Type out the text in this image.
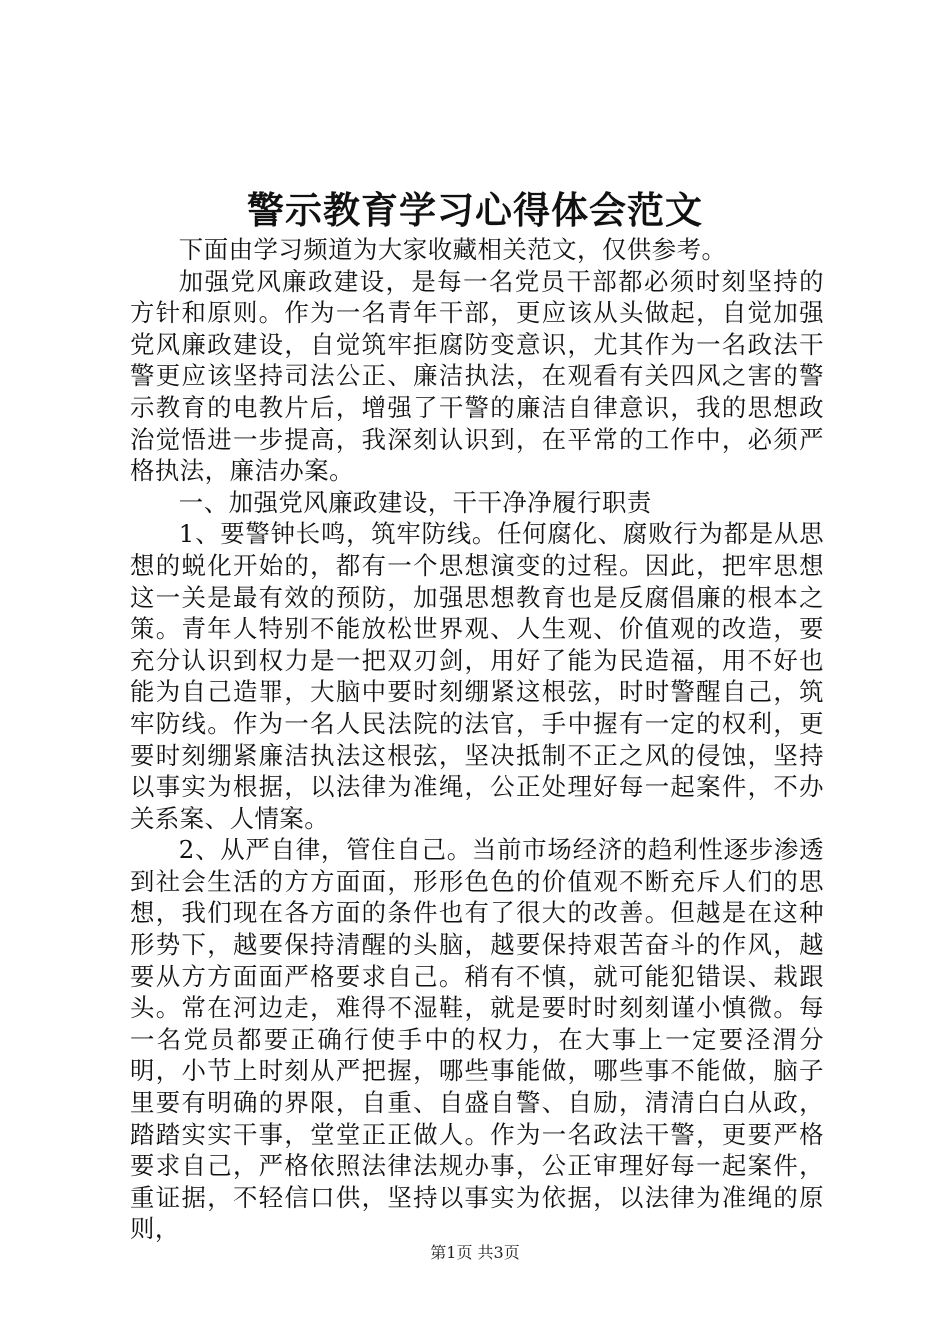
警示教育学习心得体会范文

下面由学习频道为大家收藏相关范文，仅供参考。

加强党风廉政建设，是每一名党员干部都必须时刻坚持的方针和原则。作为一名青年干部，更应该从头做起，自觉加强党风廉政建设，自觉筑牢拒腐防变意识，尤其作为一名政法干警更应该坚持司法公正、廉洁执法，在观看有关四风之害的警示教育的电教片后，增强了干警的廉洁自律意识，我的思想政治觉悟进一步提高，我深刻认识到，在平常的工作中，必须严格执法，廉洁办案。

一、加强党风廉政建设，干干净净履行职责

1、要警钟长鸣，筑牢防线。任何腐化、腐败行为都是从思想的蜕化开始的，都有一个思想演变的过程。因此，把牢思想这一关是最有效的预防，加强思想教育也是反腐倡廉的根本之策。青年人特别不能放松世界观、人生观、价值观的改造，要充分认识到权力是一把双刃剑，用好了能为民造福，用不好也能为自己造罪，大脑中要时刻绷紧这根弦，时时警醒自己，筑牢防线。作为一名人民法院的法官，手中握有一定的权利，更要时刻绷紧廉洁执法这根弦，坚决抵制不正之风的侵蚀，坚持以事实为根据，以法律为准绳，公正处理好每一起案件，不办关系案、人情案。

2、从严自律，管住自己。当前市场经济的趋利性逐步渗透到社会生活的方方面面，形形色色的价值观不断充斥人们的思想，我们现在各方面的条件也有了很大的改善。但越是在这种形势下，越要保持清醒的头脑，越要保持艰苦奋斗的作风，越要从方方面面严格要求自己。稍有不慎，就可能犯错误、栽跟头。常在河边走，难得不湿鞋，就是要时时刻刻谨小慎微。每一名党员都要正确行使手中的权力，在大事上一定要泾渭分明，小节上时刻从严把握，哪些事能做，哪些事不能做，脑子里要有明确的界限，自重、自盛自警、自励，清清白白从政，踏踏实实干事，堂堂正正做人。作为一名政法干警，更要严格要求自己，严格依照法律法规办事，公正审理好每一起案件，重证据，不轻信口供，坚持以事实为依据，以法律为准绳的原则，

第1页 共3页
